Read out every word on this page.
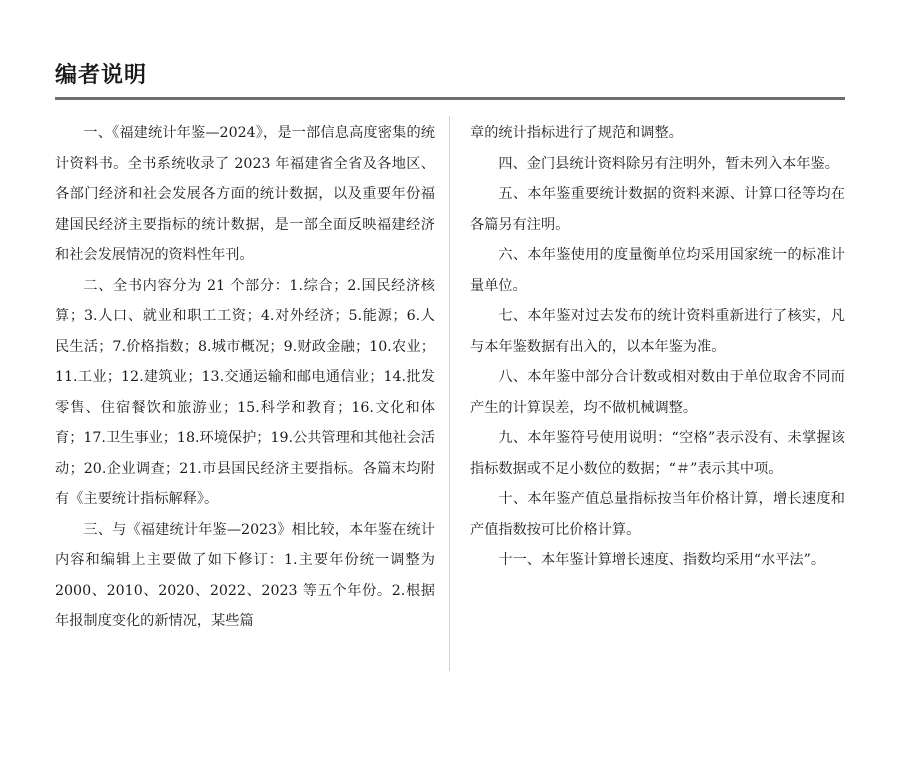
编者说明

一、《福建统计年鉴—2024》，是一部信息高度密集的统计资料书。全书系统收录了 2023 年福建省全省及各地区、各部门经济和社会发展各方面的统计数据，以及重要年份福建国民经济主要指标的统计数据，是一部全面反映福建经济和社会发展情况的资料性年刊。

二、全书内容分为 21 个部分：1.综合；2.国民经济核算；3.人口、就业和职工工资；4.对外经济；5.能源；6.人民生活；7.价格指数；8.城市概况；9.财政金融；10.农业；11.工业；12.建筑业；13.交通运输和邮电通信业；14.批发零售、住宿餐饮和旅游业；15.科学和教育；16.文化和体育；17.卫生事业；18.环境保护；19.公共管理和其他社会活动；20.企业调查；21.市县国民经济主要指标。各篇末均附有《主要统计指标解释》。

三、与《福建统计年鉴—2023》相比较，本年鉴在统计内容和编辑上主要做了如下修订：1.主要年份统一调整为 2000、2010、2020、2022、2023 等五个年份。2.根据年报制度变化的新情况，某些篇

章的统计指标进行了规范和调整。

四、金门县统计资料除另有注明外，暂未列入本年鉴。

五、本年鉴重要统计数据的资料来源、计算口径等均在各篇另有注明。

六、本年鉴使用的度量衡单位均采用国家统一的标准计量单位。

七、本年鉴对过去发布的统计资料重新进行了核实，凡与本年鉴数据有出入的，以本年鉴为准。

八、本年鉴中部分合计数或相对数由于单位取舍不同而产生的计算误差，均不做机械调整。

九、本年鉴符号使用说明：“空格”表示没有、未掌握该指标数据或不足小数位的数据；“＃”表示其中项。

十、本年鉴产值总量指标按当年价格计算，增长速度和产值指数按可比价格计算。

十一、本年鉴计算增长速度、指数均采用“水平法”。
